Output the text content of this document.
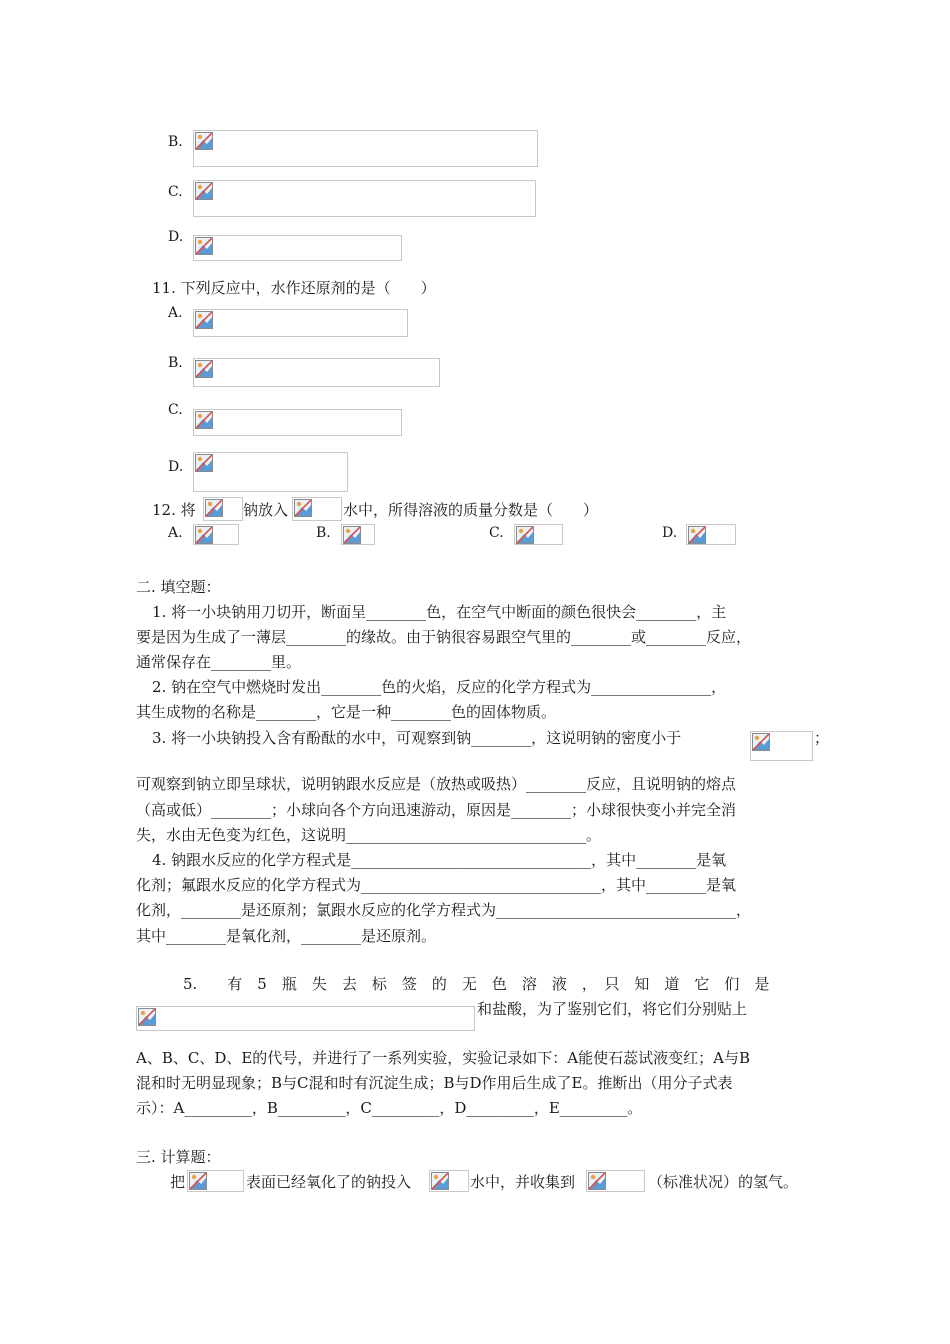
B.
C.
D.
11. 下列反应中，水作还原剂的是（　　）
A.
B.
C.
D.
12. 将	钠放入	水中，所得溶液的质量分数是（　　）
A.	B.	C.	D.
二. 填空题：
1. 将一小块钠用刀切开，断面呈________色，在空气中断面的颜色很快会________，主
要是因为生成了一薄层________的缘故。由于钠很容易跟空气里的________或________反应，
通常保存在________里。
2. 钠在空气中燃烧时发出________色的火焰，反应的化学方程式为________________，
其生成物的名称是________，它是一种________色的固体物质。
3. 将一小块钠投入含有酚酞的水中，可观察到钠________，这说明钠的密度小于	；
可观察到钠立即呈球状，说明钠跟水反应是（放热或吸热）________反应，且说明钠的熔点
（高或低）________；小球向各个方向迅速游动，原因是________；小球很快变小并完全消
失，水由无色变为红色，这说明________________________________。
4. 钠跟水反应的化学方程式是________________________________，其中________是氧
化剂；氟跟水反应的化学方程式为________________________________，其中________是氧
化剂，________是还原剂；氯跟水反应的化学方程式为________________________________，
其中________是氧化剂，________是还原剂。
5.　　有　5　瓶　失　去　标　签　的　无　色　溶　液　，　只　知　道　它　们　是
和盐酸，为了鉴别它们，将它们分别贴上
A、B、C、D、E的代号，并进行了一系列实验，实验记录如下：A能使石蕊试液变红；A与B
混和时无明显现象；B与C混和时有沉淀生成；B与D作用后生成了E。推断出（用分子式表
示）：A_________，B_________，C_________，D_________，E_________。
三. 计算题：
把	表面已经氧化了的钠投入	水中，并收集到	（标准状况）的氢气。
